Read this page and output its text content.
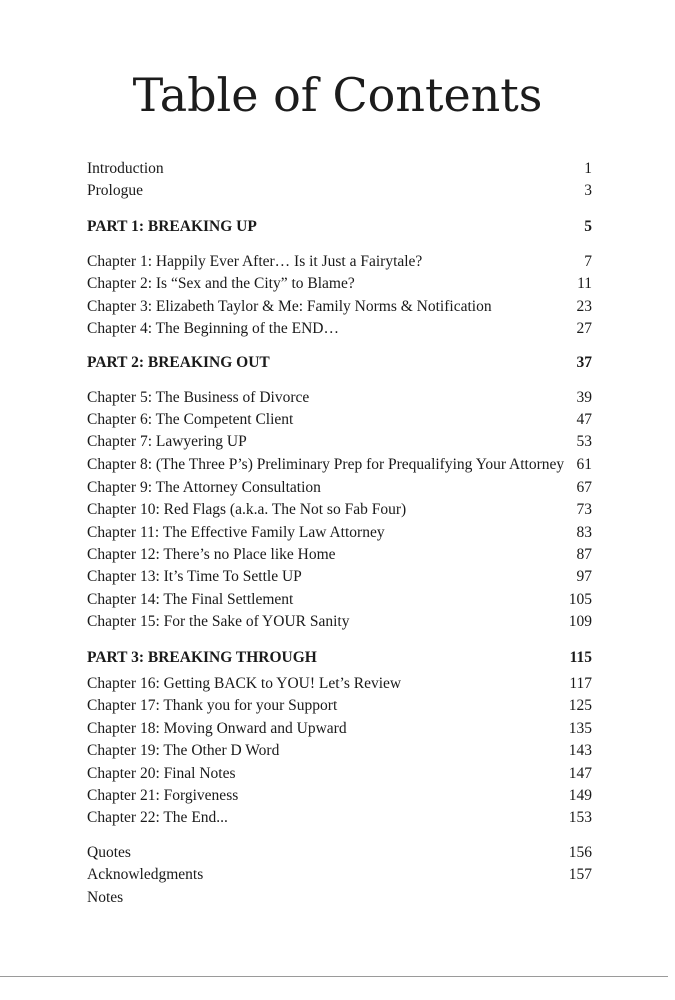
Table of Contents
Introduction	1
Prologue	3
PART 1: BREAKING UP	5
Chapter 1: Happily Ever After… Is it Just a Fairytale?	7
Chapter 2: Is “Sex and the City” to Blame?	11
Chapter 3: Elizabeth Taylor & Me: Family Norms & Notification	23
Chapter 4: The Beginning of the END…	27
PART 2: BREAKING OUT	37
Chapter 5: The Business of Divorce	39
Chapter 6: The Competent Client	47
Chapter 7: Lawyering UP	53
Chapter 8: (The Three P’s) Preliminary Prep for Prequalifying Your Attorney 61
Chapter 9: The Attorney Consultation	67
Chapter 10: Red Flags (a.k.a. The Not so Fab Four)	73
Chapter 11: The Effective Family Law Attorney	83
Chapter 12: There’s no Place like Home	87
Chapter 13: It’s Time To Settle UP	97
Chapter 14: The Final Settlement	105
Chapter 15: For the Sake of YOUR Sanity	109
PART 3: BREAKING THROUGH	115
Chapter 16: Getting BACK to YOU! Let’s Review	117
Chapter 17: Thank you for your Support	125
Chapter 18: Moving Onward and Upward	135
Chapter 19: The Other D Word	143
Chapter 20: Final Notes	147
Chapter 21: Forgiveness	149
Chapter 22: The End...	153
Quotes	156
Acknowledgments	157
Notes
